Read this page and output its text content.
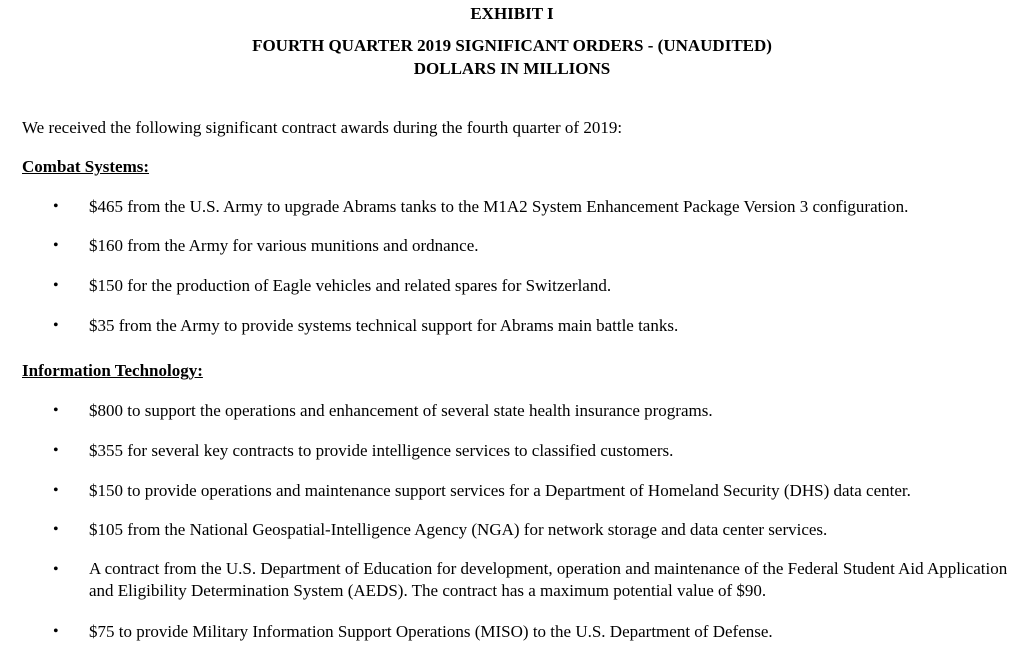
EXHIBIT I
FOURTH QUARTER 2019 SIGNIFICANT ORDERS - (UNAUDITED)
DOLLARS IN MILLIONS
We received the following significant contract awards during the fourth quarter of 2019:
Combat Systems:
• $465 from the U.S. Army to upgrade Abrams tanks to the M1A2 System Enhancement Package Version 3 configuration.
• $160 from the Army for various munitions and ordnance.
• $150 for the production of Eagle vehicles and related spares for Switzerland.
• $35 from the Army to provide systems technical support for Abrams main battle tanks.
Information Technology:
• $800 to support the operations and enhancement of several state health insurance programs.
• $355 for several key contracts to provide intelligence services to classified customers.
• $150 to provide operations and maintenance support services for a Department of Homeland Security (DHS) data center.
• $105 from the National Geospatial-Intelligence Agency (NGA) for network storage and data center services.
• A contract from the U.S. Department of Education for development, operation and maintenance of the Federal Student Aid Application and Eligibility Determination System (AEDS). The contract has a maximum potential value of $90.
• $75 to provide Military Information Support Operations (MISO) to the U.S. Department of Defense.
